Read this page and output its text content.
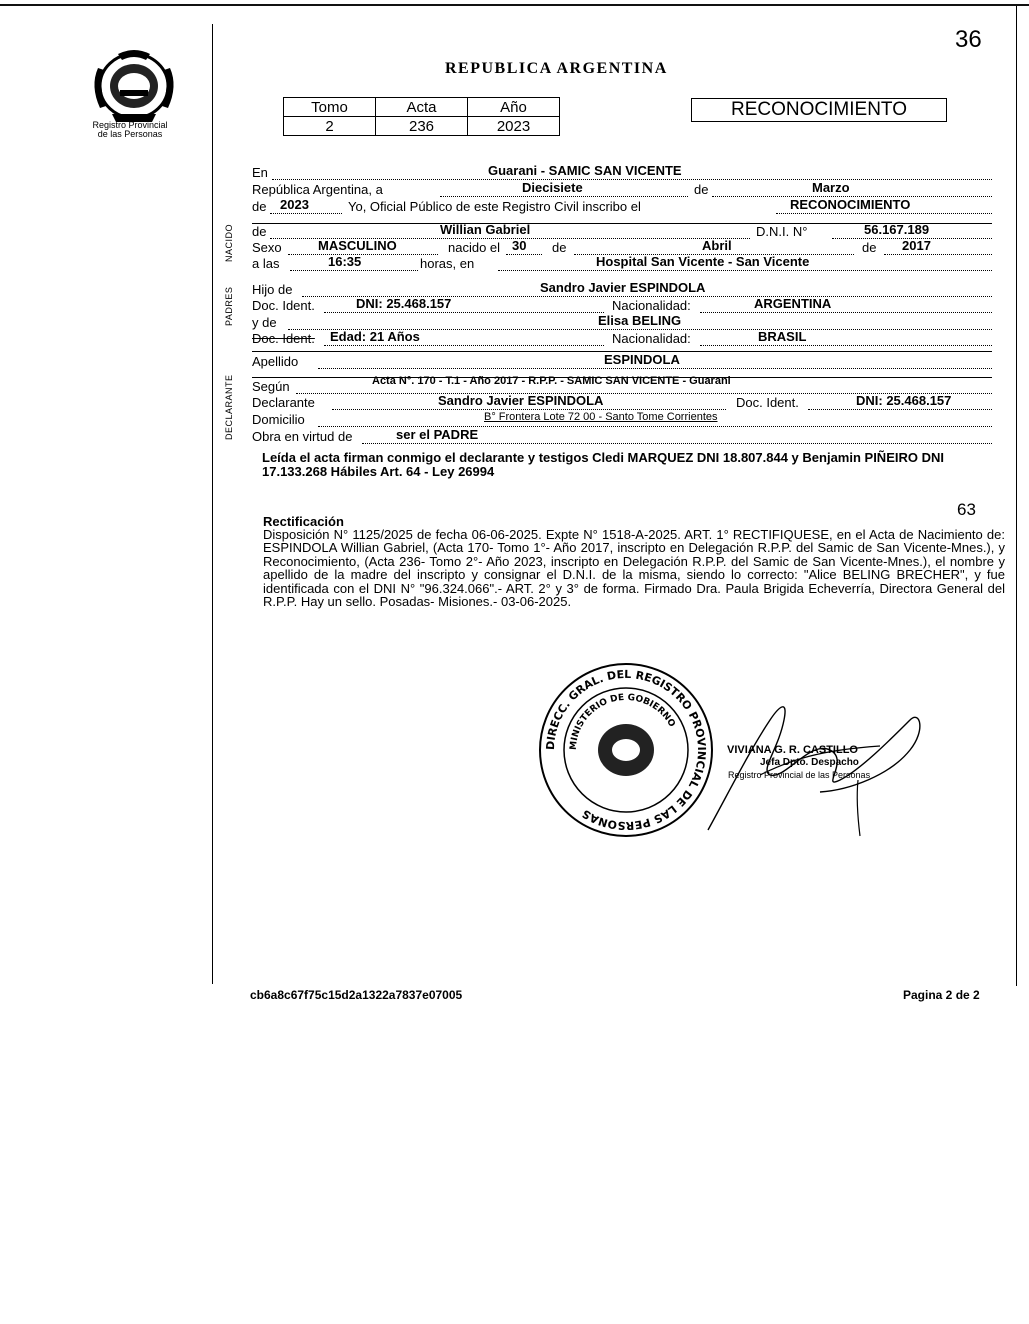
Registro Provincial
de las Personas
36
REPUBLICA ARGENTINA
Tomo	Acta	Año
2	236	2023
RECONOCIMIENTO
NACIDO
PADRES
DECLARANTE
En	Guarani - SAMIC SAN VICENTE
República Argentina, a	Diecisiete	de	Marzo
de 2023	Yo, Oficial Público de este Registro Civil inscribo el	RECONOCIMIENTO
de	Willian Gabriel	D.N.I. N°	56.167.189
Sexo	MASCULINO	nacido el 30 de	Abril	de 2017
a las	16:35	horas, en	Hospital San Vicente - San Vicente
Hijo de	Sandro Javier ESPINDOLA
Doc. Ident.	DNI: 25.468.157	Nacionalidad:	ARGENTINA
y de	Elisa BELING
Doc. Ident. Edad: 21 Años	Nacionalidad:	BRASIL
Apellido	ESPINDOLA
Según	Acta N°. 170 - T.1 - Año 2017 - R.P.P. - SAMIC SAN VICENTE - Guarani
Declarante	Sandro Javier ESPINDOLA	Doc. Ident.	DNI: 25.468.157
Domicilio	B° Frontera Lote 72 00 - Santo Tome Corrientes
Obra en virtud de	ser el PADRE
Leída el acta firman conmigo el declarante y testigos Cledi MARQUEZ DNI 18.807.844 y Benjamin PIÑEIRO DNI 17.133.268 Hábiles Art. 64 - Ley 26994
63
Rectificación
Disposición N° 1125/2025 de fecha 06-06-2025. Expte N° 1518-A-2025. ART. 1° RECTIFIQUESE, en el Acta de Nacimiento de: ESPINDOLA Willian Gabriel, (Acta 170- Tomo 1°- Año 2017, inscripto en Delegación R.P.P. del Samic de San Vicente-Mnes.), y Reconocimiento, (Acta 236- Tomo 2°- Año 2023, inscripto en Delegación R.P.P. del Samic de San Vicente-Mnes.), el nombre y apellido de la madre del inscripto y consignar el D.N.I. de la misma, siendo lo correcto: "Alice BELING BRECHER", y fue identificada con el DNI N° "96.324.066".- ART. 2° y 3° de forma. Firmado Dra. Paula Brigida Echeverría, Directora General del R.P.P. Hay un sello. Posadas- Misiones.- 03-06-2025.
DIRECC. GRAL. DEL REGISTRO PROVINCIAL DE LAS PERSONAS
MINISTERIO DE GOBIERNO
VIVIANA G. R. CASTILLO
Jefa Dpto. Despacho
Registro Provincial de las Personas
cb6a8c67f75c15d2a1322a7837e07005	Pagina 2 de 2
